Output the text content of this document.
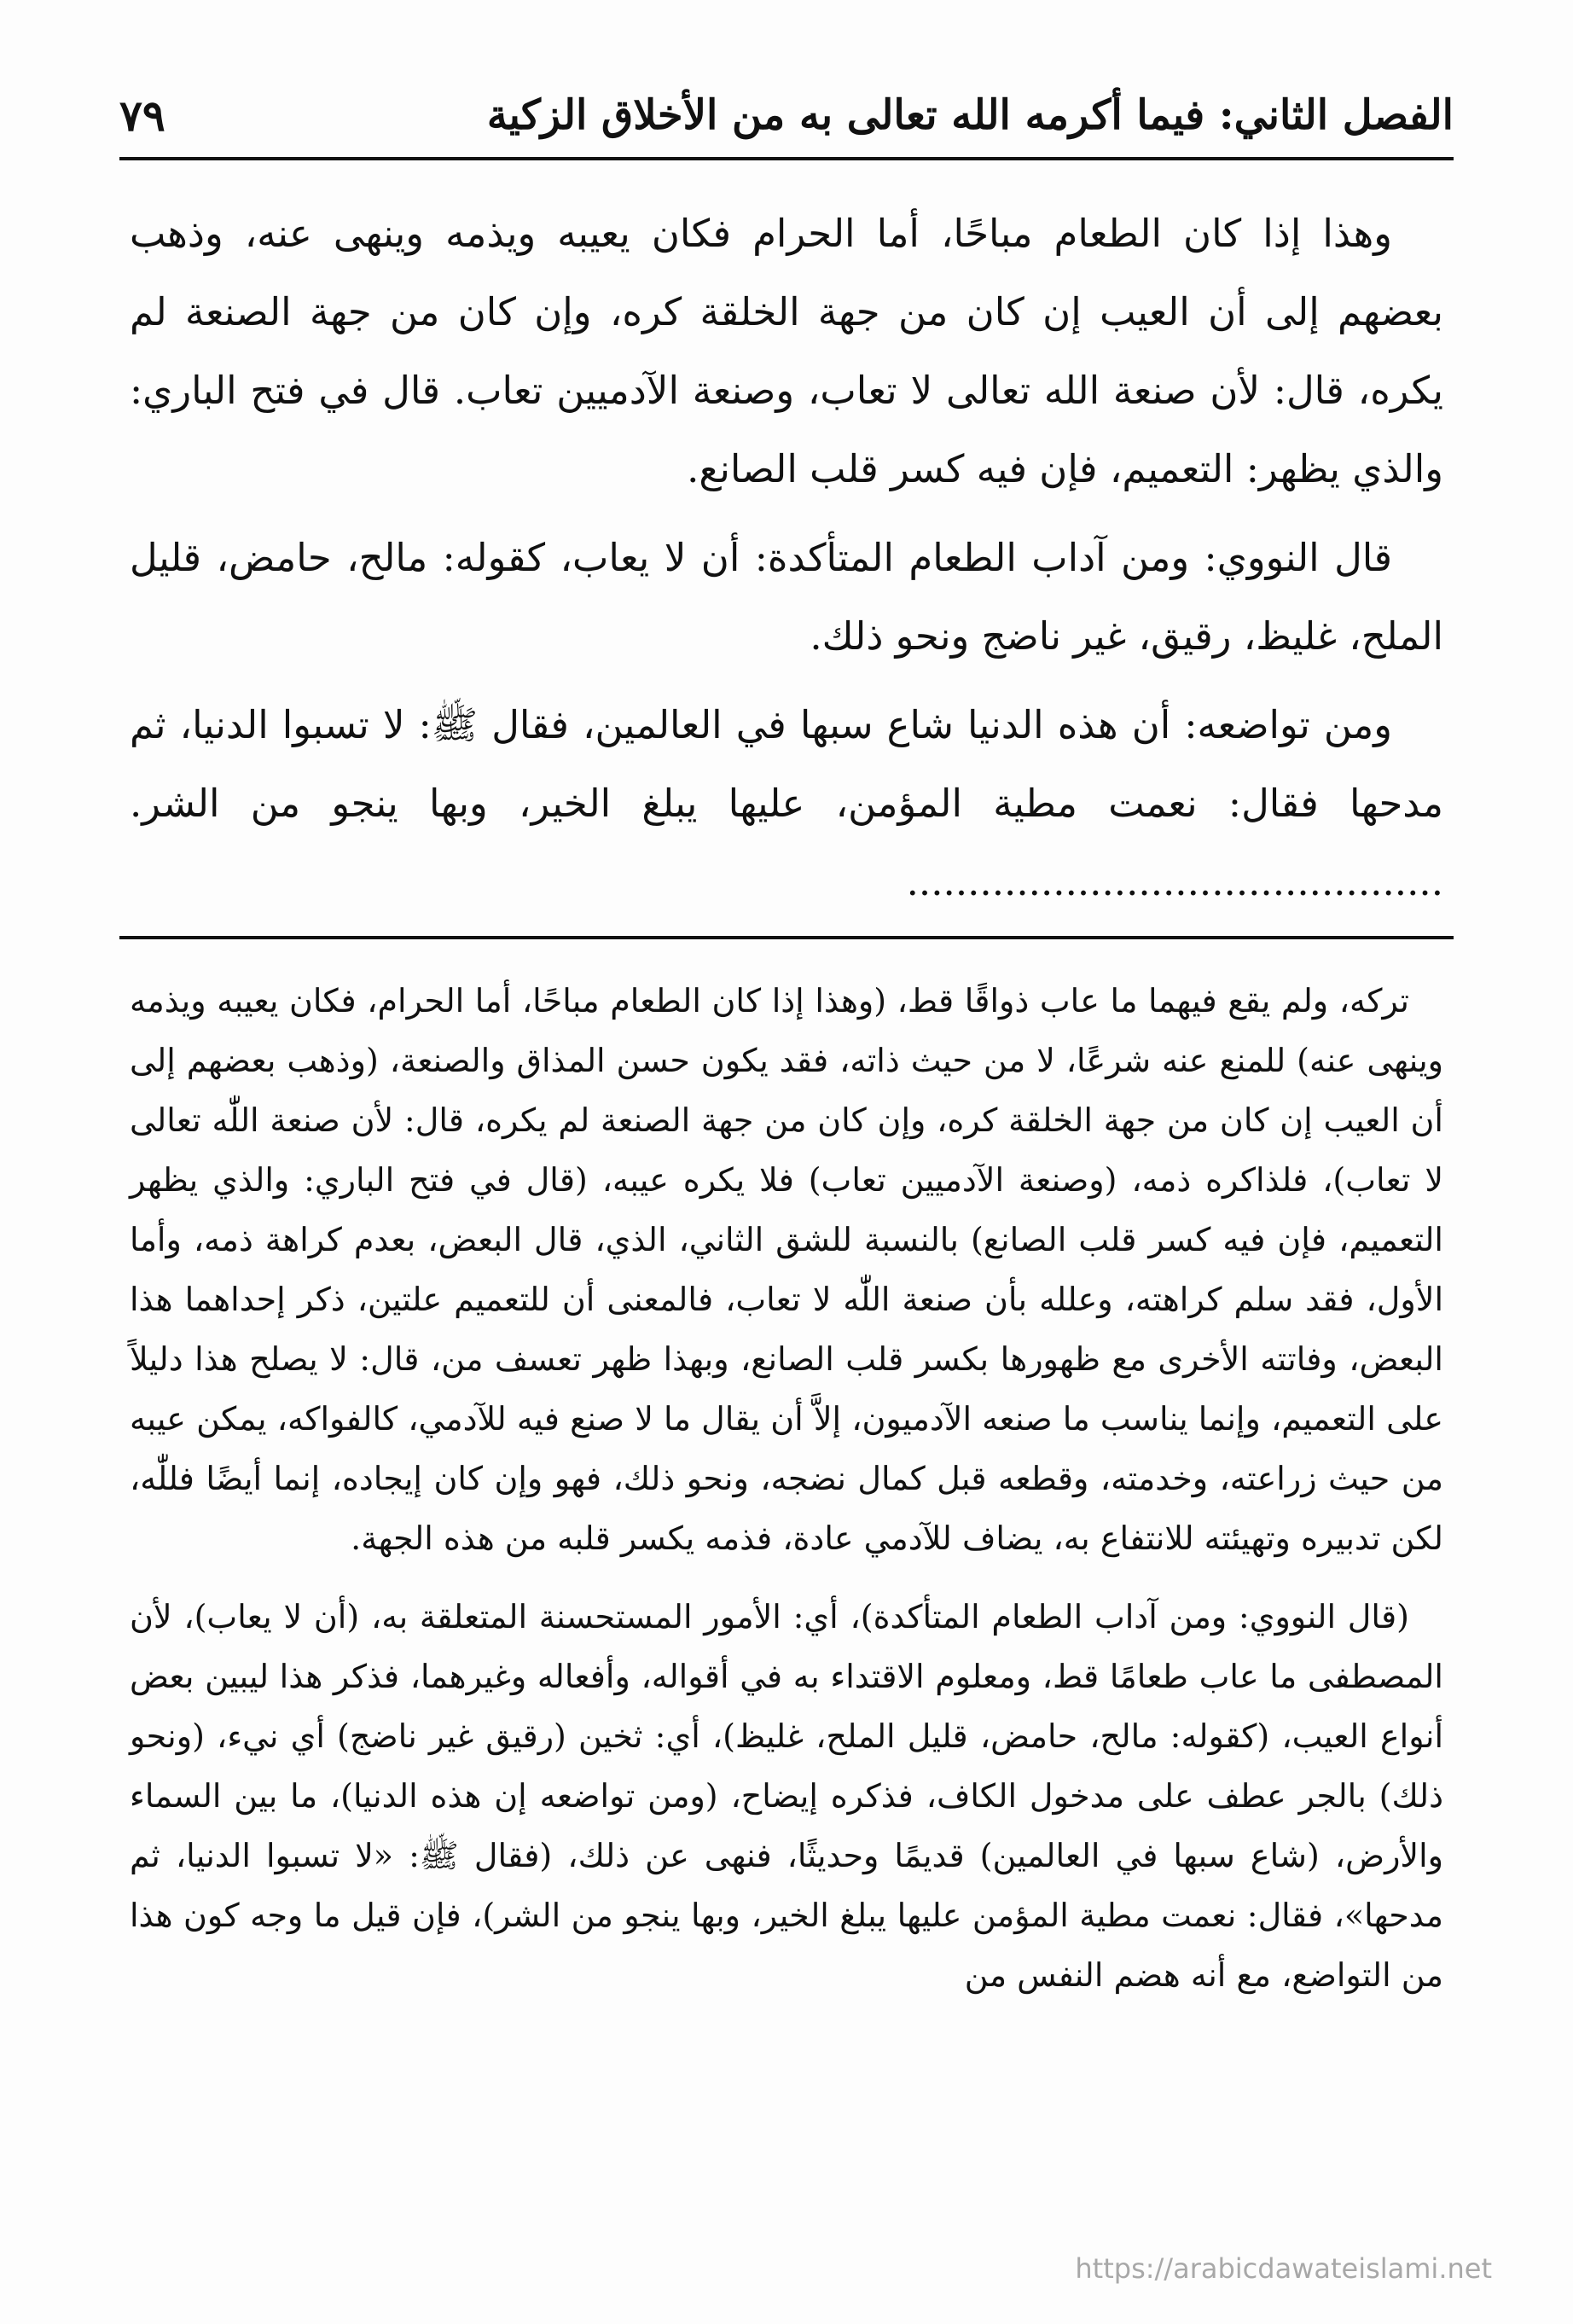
الفصل الثاني: فيما أكرمه الله تعالى به من الأخلاق الزكية
٧٩

وهذا إذا كان الطعام مباحًا، أما الحرام فكان يعيبه ويذمه وينهى عنه، وذهب بعضهم إلى أن العيب إن كان من جهة الخلقة كره، وإن كان من جهة الصنعة لم يكره، قال: لأن صنعة الله تعالى لا تعاب، وصنعة الآدميين تعاب. قال في فتح الباري: والذي يظهر: التعميم، فإن فيه كسر قلب الصانع.

قال النووي: ومن آداب الطعام المتأكدة: أن لا يعاب، كقوله: مالح، حامض، قليل الملح، غليظ، رقيق، غير ناضج ونحو ذلك.

ومن تواضعه: أن هذه الدنيا شاع سبها في العالمين، فقال ﷺ: لا تسبوا الدنيا، ثم مدحها فقال: نعمت مطية المؤمن، عليها يبلغ الخير، وبها ينجو من الشر. ............................................

تركه، ولم يقع فيهما ما عاب ذواقًا قط، (وهذا إذا كان الطعام مباحًا، أما الحرام، فكان يعيبه ويذمه وينهى عنه) للمنع عنه شرعًا، لا من حيث ذاته، فقد يكون حسن المذاق والصنعة، (وذهب بعضهم إلى أن العيب إن كان من جهة الخلقة كره، وإن كان من جهة الصنعة لم يكره، قال: لأن صنعة اللّٰه تعالى لا تعاب)، فلذاكره ذمه، (وصنعة الآدميين تعاب) فلا يكره عيبه، (قال في فتح الباري: والذي يظهر التعميم، فإن فيه كسر قلب الصانع) بالنسبة للشق الثاني، الذي، قال البعض، بعدم كراهة ذمه، وأما الأول، فقد سلم كراهته، وعلله بأن صنعة اللّٰه لا تعاب، فالمعنى أن للتعميم علتين، ذكر إحداهما هذا البعض، وفاتته الأخرى مع ظهورها بكسر قلب الصانع، وبهذا ظهر تعسف من، قال: لا يصلح هذا دليلاً على التعميم، وإنما يناسب ما صنعه الآدميون، إلاَّ أن يقال ما لا صنع فيه للآدمي، كالفواكه، يمكن عيبه من حيث زراعته، وخدمته، وقطعه قبل كمال نضجه، ونحو ذلك، فهو وإن كان إيجاده، إنما أيضًا فللّٰه، لكن تدبيره وتهيئته للانتفاع به، يضاف للآدمي عادة، فذمه يكسر قلبه من هذه الجهة.

(قال النووي: ومن آداب الطعام المتأكدة)، أي: الأمور المستحسنة المتعلقة به، (أن لا يعاب)، لأن المصطفى ما عاب طعامًا قط، ومعلوم الاقتداء به في أقواله، وأفعاله وغيرهما، فذكر هذا ليبين بعض أنواع العيب، (كقوله: مالح، حامض، قليل الملح، غليظ)، أي: ثخين (رقيق غير ناضج) أي نيء، (ونحو ذلك) بالجر عطف على مدخول الكاف، فذكره إيضاح، (ومن تواضعه إن هذه الدنيا)، ما بين السماء والأرض، (شاع سبها في العالمين) قديمًا وحديثًا، فنهى عن ذلك، (فقال ﷺ: «لا تسبوا الدنيا، ثم مدحها»، فقال: نعمت مطية المؤمن عليها يبلغ الخير، وبها ينجو من الشر)، فإن قيل ما وجه كون هذا من التواضع، مع أنه هضم النفس من

https://arabicdawateislami.net
